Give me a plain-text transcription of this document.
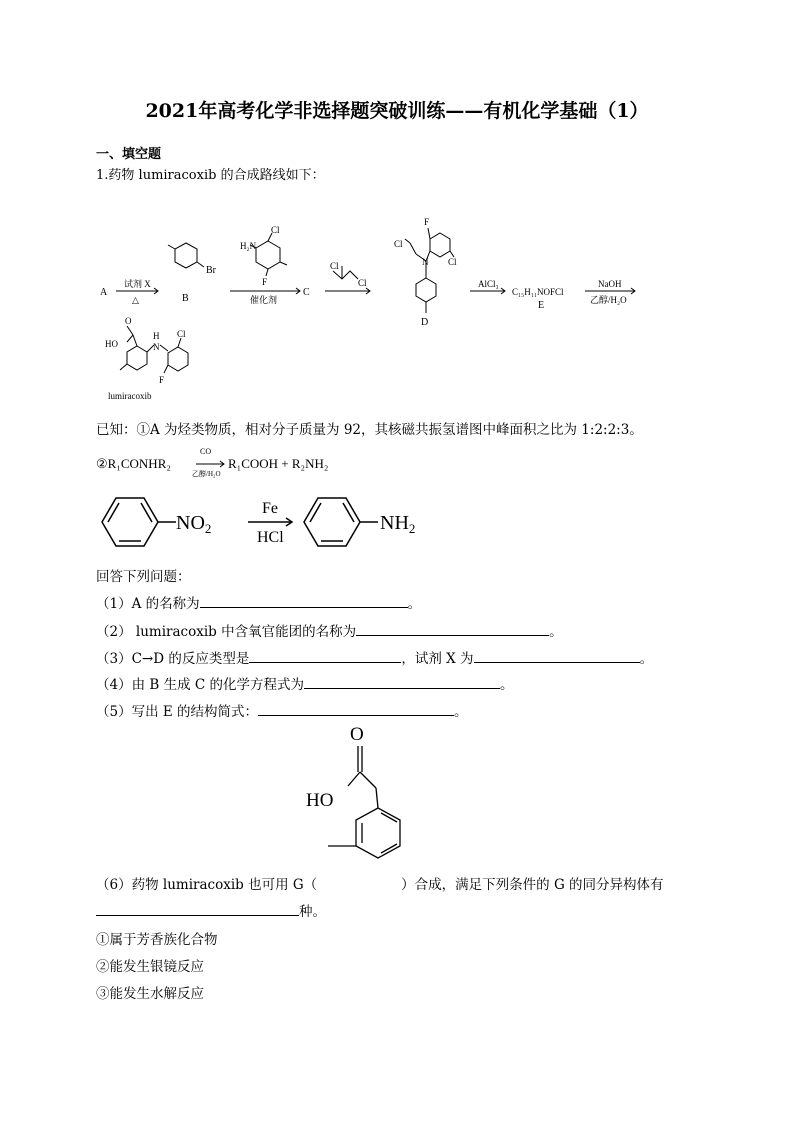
2021年高考化学非选择题突破训练——有机化学基础（1）
一、填空题
1.药物 lumiracoxib 的合成路线如下：
A
试剂 X
△	B
Br
H₂N
Cl
F
催化剂
C
Cl
Cl
Cl
F
N Cl
D
AlCl₃
C₁₅H₁₁NOFCl
E
NaOH
乙醇/H₂O
O
HO
H
N
Cl
F
lumiracoxib
已知：①A 为烃类物质，相对分子质量为 92，其核磁共振氢谱图中峰面积之比为 1:2:2:3。
②R₁CONHR₂
CO
乙醇/H₂O
R₁COOH + R₂NH₂
$NO_2$
Fe
HCl
$NH_2$
回答下列问题：
（1）A 的名称为	。
（2） lumiracoxib 中含氧官能团的名称为	。
（3）C→D 的反应类型是	，试剂 X 为	。
（4）由 B 生成 C 的化学方程式为	。
（5）写出 E 的结构简式：	。
O
HO
（6）药物 lumiracoxib 也可用 G（	）合成，满足下列条件的 G 的同分异构体有
种。
①属于芳香族化合物
②能发生银镜反应
③能发生水解反应
